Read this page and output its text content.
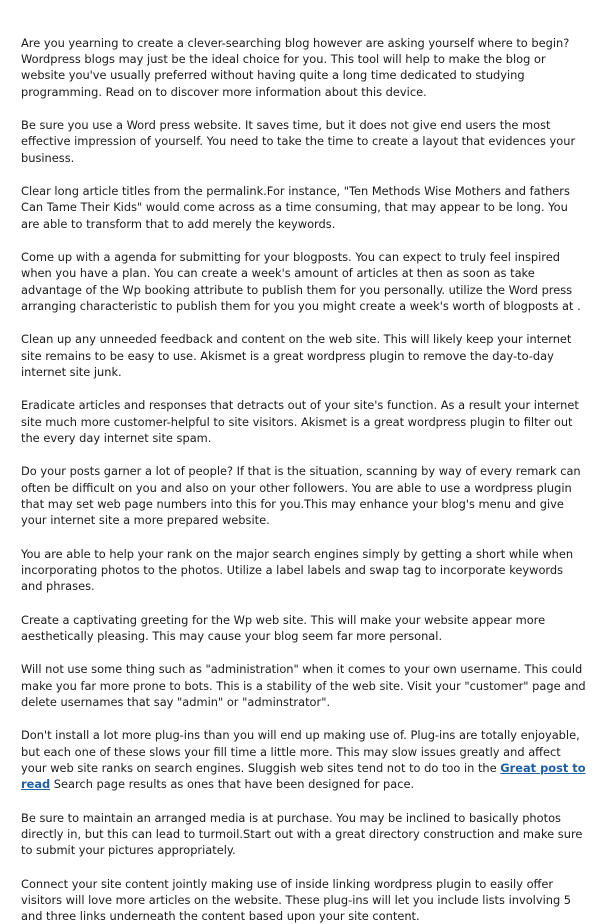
Are you yearning to create a clever-searching blog however are asking yourself where to begin? Wordpress blogs may just be the ideal choice for you. This tool will help to make the blog or website you've usually preferred without having quite a long time dedicated to studying programming. Read on to discover more information about this device.

Be sure you use a Word press website. It saves time, but it does not give end users the most effective impression of yourself. You need to take the time to create a layout that evidences your business.

Clear long article titles from the permalink.For instance, "Ten Methods Wise Mothers and fathers Can Tame Their Kids" would come across as a time consuming, that may appear to be long. You are able to transform that to add merely the keywords.

Come up with a agenda for submitting for your blogposts. You can expect to truly feel inspired when you have a plan. You can create a week's amount of articles at then as soon as take advantage of the Wp booking attribute to publish them for you personally. utilize the Word press arranging characteristic to publish them for you you might create a week's worth of blogposts at .

Clean up any unneeded feedback and content on the web site. This will likely keep your internet site remains to be easy to use. Akismet is a great wordpress plugin to remove the day-to-day internet site junk.

Eradicate articles and responses that detracts out of your site's function. As a result your internet site much more customer-helpful to site visitors. Akismet is a great wordpress plugin to filter out the every day internet site spam.

Do your posts garner a lot of people? If that is the situation, scanning by way of every remark can often be difficult on you and also on your other followers. You are able to use a wordpress plugin that may set web page numbers into this for you.This may enhance your blog's menu and give your internet site a more prepared website.

You are able to help your rank on the major search engines simply by getting a short while when incorporating photos to the photos. Utilize a label labels and swap tag to incorporate keywords and phrases.

Create a captivating greeting for the Wp web site. This will make your website appear more aesthetically pleasing. This may cause your blog seem far more personal.

Will not use some thing such as "administration" when it comes to your own username. This could make you far more prone to bots. This is a stability of the web site. Visit your "customer" page and delete usernames that say "admin" or "adminstrator".

Don't install a lot more plug-ins than you will end up making use of. Plug-ins are totally enjoyable, but each one of these slows your fill time a little more. This may slow issues greatly and affect your web site ranks on search engines. Sluggish web sites tend not to do too in the Great post to read Search page results as ones that have been designed for pace.

Be sure to maintain an arranged media is at purchase. You may be inclined to basically photos directly in, but this can lead to turmoil.Start out with a great directory construction and make sure to submit your pictures appropriately.

Connect your site content jointly making use of inside linking wordpress plugin to easily offer visitors will love more articles on the website. These plug-ins will let you include lists involving 5 and three links underneath the content based upon your site content.
